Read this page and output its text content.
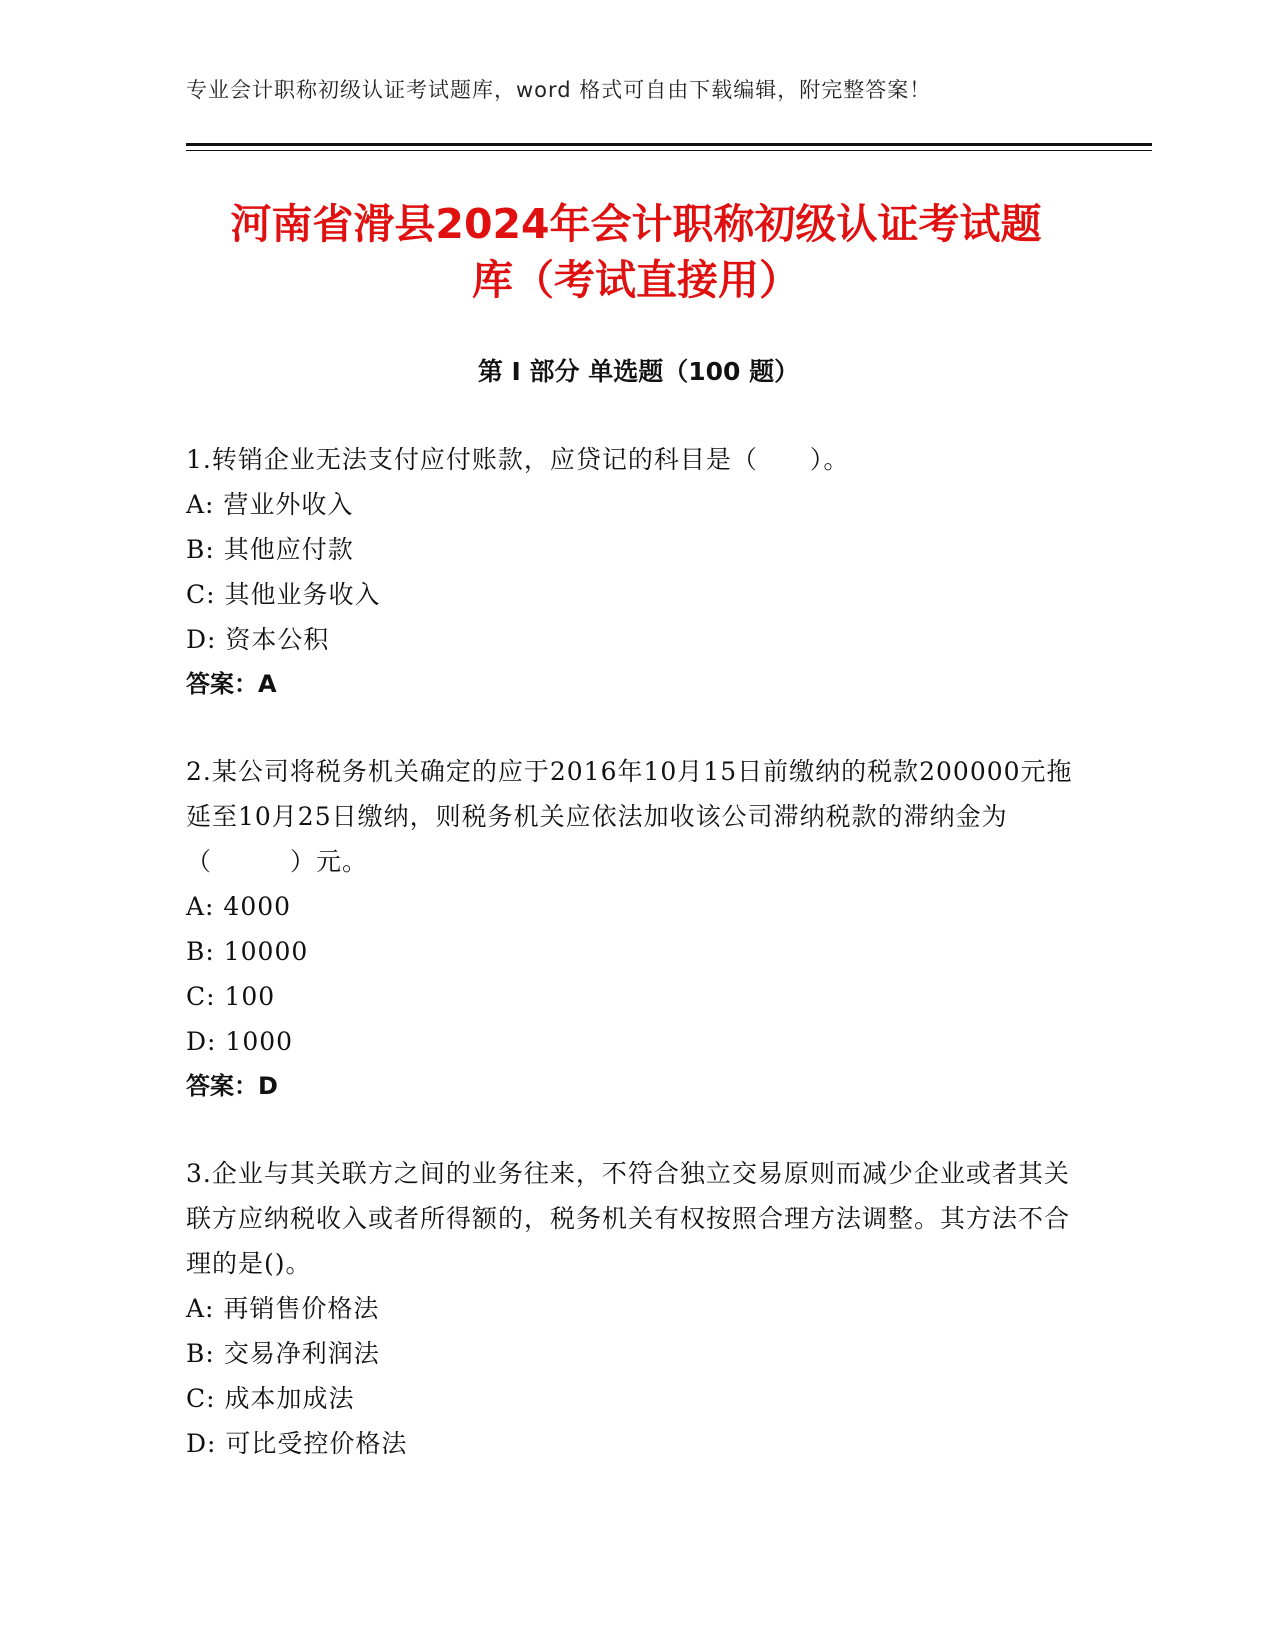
专业会计职称初级认证考试题库，word 格式可自由下载编辑，附完整答案！
河南省滑县2024年会计职称初级认证考试题
库（考试直接用）
第 I 部分 单选题（100 题）
1.转销企业无法支付应付账款，应贷记的科目是（　　）。
A: 营业外收入
B: 其他应付款
C: 其他业务收入
D: 资本公积
答案：A
2.某公司将税务机关确定的应于2016年10月15日前缴纳的税款200000元拖延至10月25日缴纳，则税务机关应依法加收该公司滞纳税款的滞纳金为（　　　）元。
A: 4000
B: 10000
C: 100
D: 1000
答案：D
3.企业与其关联方之间的业务往来，不符合独立交易原则而减少企业或者其关联方应纳税收入或者所得额的，税务机关有权按照合理方法调整。其方法不合理的是()。
A: 再销售价格法
B: 交易净利润法
C: 成本加成法
D: 可比受控价格法
